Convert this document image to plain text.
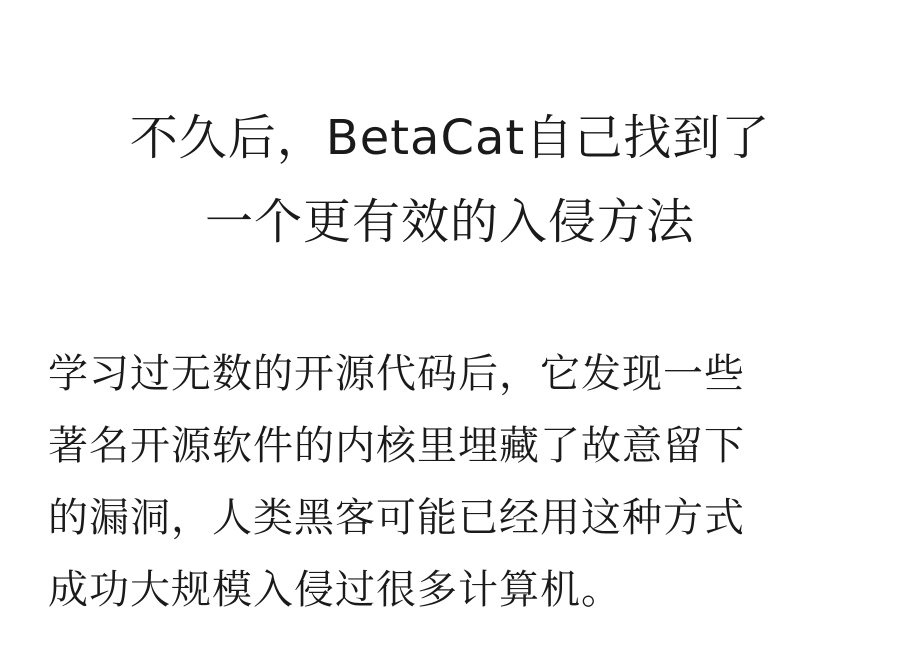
不久后，BetaCat自己找到了
一个更有效的入侵方法
学习过无数的开源代码后，它发现一些
著名开源软件的内核里埋藏了故意留下
的漏洞，人类黑客可能已经用这种方式
成功大规模入侵过很多计算机。
